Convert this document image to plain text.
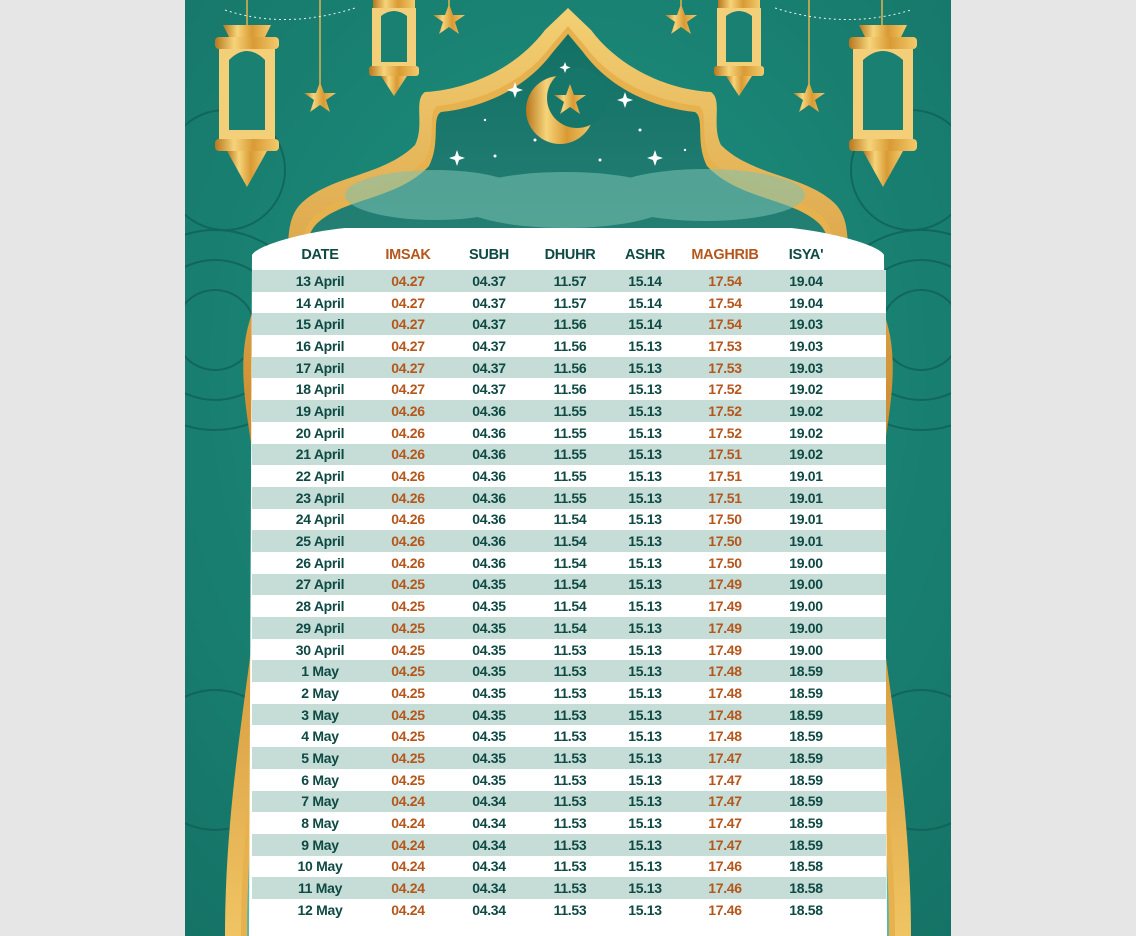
DATE	IMSAK	SUBH	DHUHR	ASHR	MAGHRIB	ISYA'
13 April	04.27	04.37	11.57	15.14	17.54	19.04
14 April	04.27	04.37	11.57	15.14	17.54	19.04
15 April	04.27	04.37	11.56	15.14	17.54	19.03
16 April	04.27	04.37	11.56	15.13	17.53	19.03
17 April	04.27	04.37	11.56	15.13	17.53	19.03
18 April	04.27	04.37	11.56	15.13	17.52	19.02
19 April	04.26	04.36	11.55	15.13	17.52	19.02
20 April	04.26	04.36	11.55	15.13	17.52	19.02
21 April	04.26	04.36	11.55	15.13	17.51	19.02
22 April	04.26	04.36	11.55	15.13	17.51	19.01
23 April	04.26	04.36	11.55	15.13	17.51	19.01
24 April	04.26	04.36	11.54	15.13	17.50	19.01
25 April	04.26	04.36	11.54	15.13	17.50	19.01
26 April	04.26	04.36	11.54	15.13	17.50	19.00
27 April	04.25	04.35	11.54	15.13	17.49	19.00
28 April	04.25	04.35	11.54	15.13	17.49	19.00
29 April	04.25	04.35	11.54	15.13	17.49	19.00
30 April	04.25	04.35	11.53	15.13	17.49	19.00
1 May	04.25	04.35	11.53	15.13	17.48	18.59
2 May	04.25	04.35	11.53	15.13	17.48	18.59
3 May	04.25	04.35	11.53	15.13	17.48	18.59
4 May	04.25	04.35	11.53	15.13	17.48	18.59
5 May	04.25	04.35	11.53	15.13	17.47	18.59
6 May	04.25	04.35	11.53	15.13	17.47	18.59
7 May	04.24	04.34	11.53	15.13	17.47	18.59
8 May	04.24	04.34	11.53	15.13	17.47	18.59
9 May	04.24	04.34	11.53	15.13	17.47	18.59
10 May	04.24	04.34	11.53	15.13	17.46	18.58
11 May	04.24	04.34	11.53	15.13	17.46	18.58
12 May	04.24	04.34	11.53	15.13	17.46	18.58
